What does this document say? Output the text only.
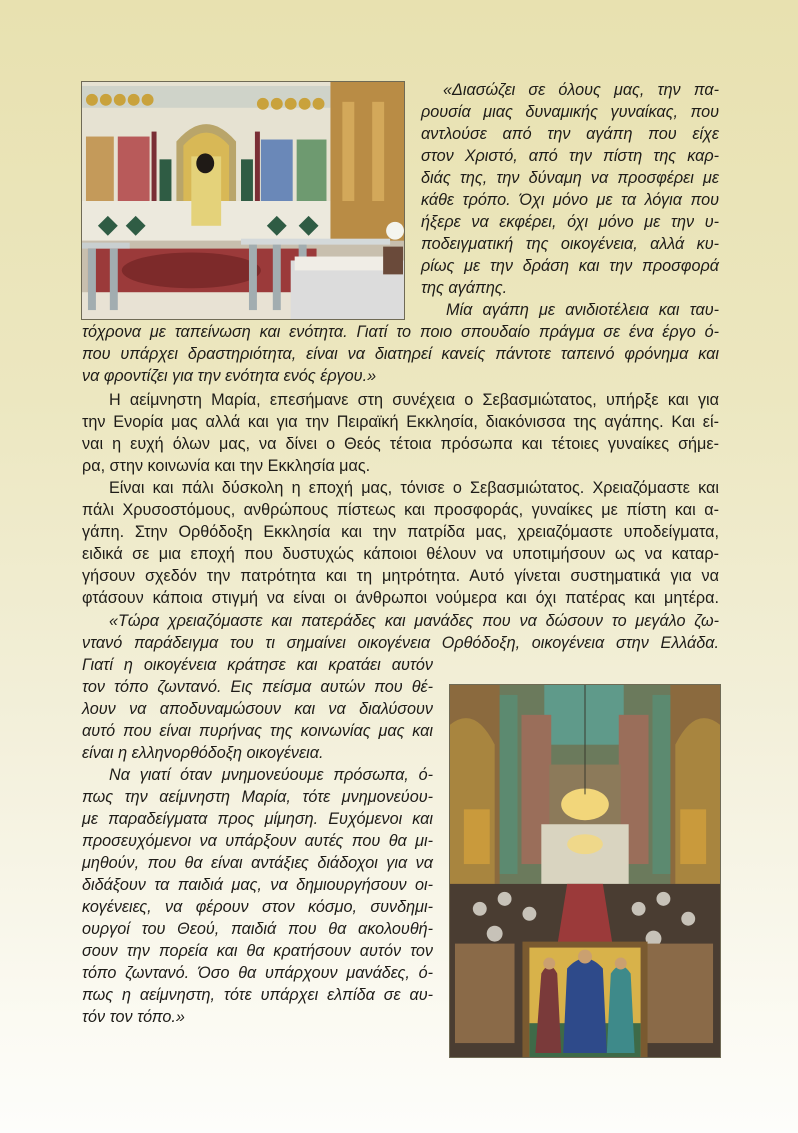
«Διασώζει σε όλους μας, την πα-
ρουσία μιας δυναμικής γυναίκας, που
αντλούσε από την αγάπη που είχε
στον Χριστό, από την πίστη της καρ-
διάς της, την δύναμη να προσφέρει με
κάθε τρόπο. Όχι μόνο με τα λόγια που
ήξερε να εκφέρει, όχι μόνο με την υ-
ποδειγματική της οικογένεια, αλλά κυ-
ρίως με την δράση και την προσφορά
της αγάπης.
Μία αγάπη με ανιδιοτέλεια και ταυ-
τόχρονα με ταπείνωση και ενότητα. Γιατί το ποιο σπουδαίο πράγμα σε ένα έργο ό-
που υπάρχει δραστηριότητα, είναι να διατηρεί κανείς πάντοτε ταπεινό φρόνημα και
να φροντίζει για την ενότητα ενός έργου.»
Η αείμνηστη Μαρία, επεσήμανε στη συνέχεια ο Σεβασμιώτατος, υπήρξε και για
την Ενορία μας αλλά και για την Πειραϊκή Εκκλησία, διακόνισσα της αγάπης. Και εί-
ναι η ευχή όλων μας, να δίνει ο Θεός τέτοια πρόσωπα και τέτοιες γυναίκες σήμε-
ρα, στην κοινωνία και την Εκκλησία μας.
Είναι και πάλι δύσκολη η εποχή μας, τόνισε ο Σεβασμιώτατος. Χρειαζόμαστε και
πάλι Χρυσοστόμους, ανθρώπους πίστεως και προσφοράς, γυναίκες με πίστη και α-
γάπη. Στην Ορθόδοξη Εκκλησία και την πατρίδα μας, χρειαζόμαστε υποδείγματα,
ειδικά σε μια εποχή που δυστυχώς κάποιοι θέλουν να υποτιμήσουν ως να καταρ-
γήσουν σχεδόν την πατρότητα και τη μητρότητα. Αυτό γίνεται συστηματικά για να
φτάσουν κάποια στιγμή να είναι οι άνθρωποι νούμερα και όχι πατέρας και μητέρα.
«Τώρα χρειαζόμαστε και πατεράδες και μανάδες που να δώσουν το μεγάλο ζω-
ντανό παράδειγμα του τι σημαίνει οικογένεια Ορθόδοξη, οικογένεια στην Ελλάδα.
Γιατί η οικογένεια κράτησε και κρατάει αυτόν
τον τόπο ζωντανό. Εις πείσμα αυτών που θέ-
λουν να αποδυναμώσουν και να διαλύσουν
αυτό που είναι πυρήνας της κοινωνίας μας και
είναι η ελληνορθόδοξη οικογένεια.
Να γιατί όταν μνημονεύουμε πρόσωπα, ό-
πως την αείμνηστη Μαρία, τότε μνημονεύου-
με παραδείγματα προς μίμηση. Ευχόμενοι και
προσευχόμενοι να υπάρξουν αυτές που θα μι-
μηθούν, που θα είναι αντάξιες διάδοχοι για να
διδάξουν τα παιδιά μας, να δημιουργήσουν οι-
κογένειες, να φέρουν στον κόσμο, συνδημι-
ουργοί του Θεού, παιδιά που θα ακολουθή-
σουν την πορεία και θα κρατήσουν αυτόν τον
τόπο ζωντανό. Όσο θα υπάρχουν μανάδες, ό-
πως η αείμνηστη, τότε υπάρχει ελπίδα σε αυ-
τόν τον τόπο.»
